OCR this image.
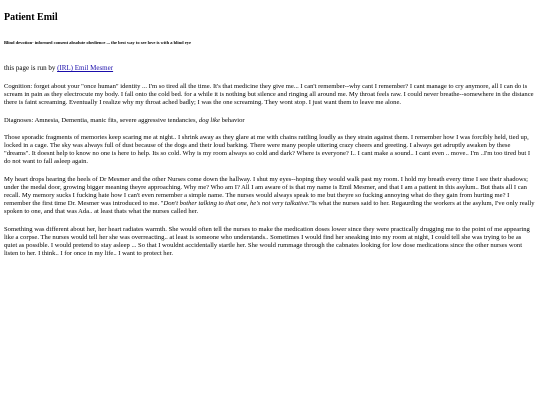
Patient Emil
Blind devotion- informed consent absolute obedience ... the best way to see love is with a blind eye
this page is run by (IRL) Emil Mesmer

Cognition: forget about your "once human" identity ... I'm so tired all the time. It's that medicine they give me... I can't remember--why cant I remember? I cant manage to cry anymore, all I can do is scream in pain as they electrocute my body. I fall onto the cold bed. for a while it is nothing but silence and ringing all around me. My throat feels raw. I could never breathe--somewhere in the distance there is faint screaming. Eventually I realize why my throat ached badly; I was the one screaming. They wont stop. I just want them to leave me alone.

Diagnoses: Amnesia, Dementia, manic fits, severe aggressive tendancies, dog like behavior

Those sporadic fragments of memories keep scaring me at night.. I shrink away as they glare at me with chains rattling loudly as they strain against them. I remember how I was forcibly held, tied up, locked in a cage. The sky was always full of dust because of the dogs and their loud barking. There were many people uttering crazy cheers and greeting. I always get adruptly awaken by these "dreams". It doesnt help to know no one is here to help. Its so cold. Why is my room always so cold and dark? Where is everyone? I.. I cant make a sound.. I cant even .. move.. I'm ..I'm too tired but I do not want to fall asleep again.

My heart drops hearing the heels of Dr Mesmer and the other Nurses come down the hallway. I shut my eyes--hoping they would walk past my room. I hold my breath every time I see their shadows; under the medal door, growing bigger meaning theyre approaching. Why me? Who am I? All I am aware of is that my name is Emil Mesmer, and that I am a patient in this asylum.. But thats all I can recall. My memory sucks I fucking hate how I can't even remember a simple name. The nurses would always speak to me but theyre so fucking annoying what do they gain from hurting me? I remember the first time Dr. Mesmer was introduced to me. "Don't bother talking to that one, he's not very talkative."Is what the nurses said to her. Regaurding the workers at the asylum, I've only really spoken to one, and that was Ada.. at least thats what the nurses called her.

Something was different about her, her heart radiates warmth. She would often tell the nurses to make the medication doses lower since they were practically drugging me to the point of me appearing like a corpse. The nurses would tell her she was overreacting.. at least is someone who understands.. Sometimes I would find her sneaking into my room at night, I could tell she was trying to be as quiet as possible. I would pretend to stay asleep ... So that I wouldnt accidentally startle her. She would rummage through the cabnates looking for low dose medications since the other nurses wont listen to her. I think.. I for once in my life.. I want to protect her.
